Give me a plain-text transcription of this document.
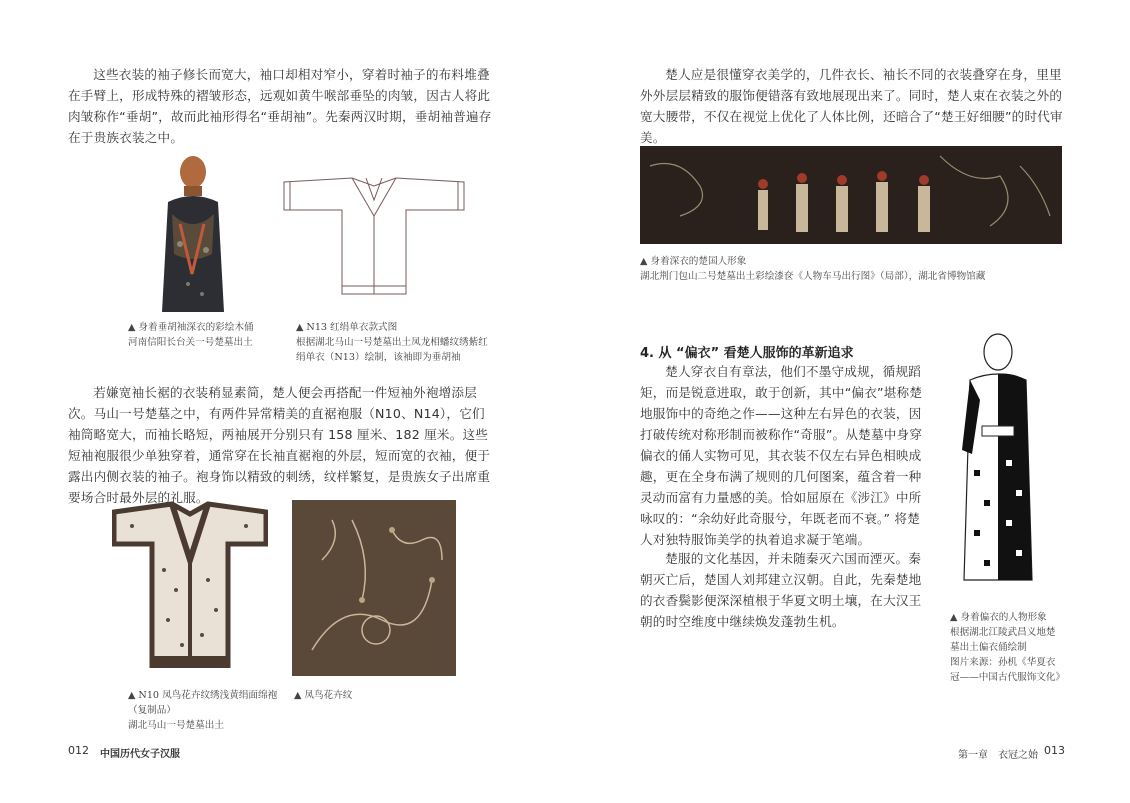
这些衣装的袖子修长而宽大，袖口却相对窄小，穿着时袖子的布料堆叠在手臂上，形成特殊的褶皱形态，远观如黄牛喉部垂坠的肉皱，因古人将此肉皱称作“垂胡”，故而此袖形得名“垂胡袖”。先秦两汉时期，垂胡袖普遍存在于贵族衣装之中。
▲ 身着垂胡袖深衣的彩绘木俑
河南信阳长台关一号楚墓出土
▲ N13 红绢单衣款式图
根据湖北马山一号楚墓出土凤龙相蟠纹绣紫红绢单衣（N13）绘制，该袖即为垂胡袖
若嫌宽袖长裾的衣装稍显素简，楚人便会再搭配一件短袖外袍增添层次。马山一号楚墓之中，有两件异常精美的直裾袍服（N10、N14），它们袖筒略宽大，而袖长略短，两袖展开分别只有 158 厘米、182 厘米。这些短袖袍服很少单独穿着，通常穿在长袖直裾袍的外层，短而宽的衣袖，便于露出内侧衣装的袖子。袍身饰以精致的刺绣，纹样繁复，是贵族女子出席重要场合时最外层的礼服。
▲ N10 凤鸟花卉纹绣浅黄绢面绵袍（复制品）
湖北马山一号楚墓出土
▲ 凤鸟花卉纹
012 中国历代女子汉服
楚人应是很懂穿衣美学的，几件衣长、袖长不同的衣装叠穿在身，里里外外层层精致的服饰便错落有致地展现出来了。同时，楚人束在衣装之外的宽大腰带，不仅在视觉上优化了人体比例，还暗合了“楚王好细腰”的时代审美。
▲ 身着深衣的楚国人形象
湖北荆门包山二号楚墓出土彩绘漆奁《人物车马出行图》（局部），湖北省博物馆藏
4. 从 “偏衣” 看楚人服饰的革新追求
楚人穿衣自有章法，他们不墨守成规，循规蹈矩，而是锐意进取，敢于创新，其中“偏衣”堪称楚地服饰中的奇绝之作——这种左右异色的衣装，因打破传统对称形制而被称作“奇服”。从楚墓中身穿偏衣的俑人实物可见，其衣装不仅左右异色相映成趣，更在全身布满了规则的几何图案，蕴含着一种灵动而富有力量感的美。恰如屈原在《涉江》中所咏叹的：“余幼好此奇服兮，年既老而不衰。” 将楚人对独特服饰美学的执着追求凝于笔端。
楚服的文化基因，并未随秦灭六国而湮灭。秦朝灭亡后，楚国人刘邦建立汉朝。自此，先秦楚地的衣香鬓影便深深植根于华夏文明土壤，在大汉王朝的时空维度中继续焕发蓬勃生机。	▲ 身着偏衣的人物形象
根据湖北江陵武昌义地楚墓出土偏衣俑绘制
图片来源：孙机《华夏衣冠——中国古代服饰文化》
第一章 衣冠之始 013
